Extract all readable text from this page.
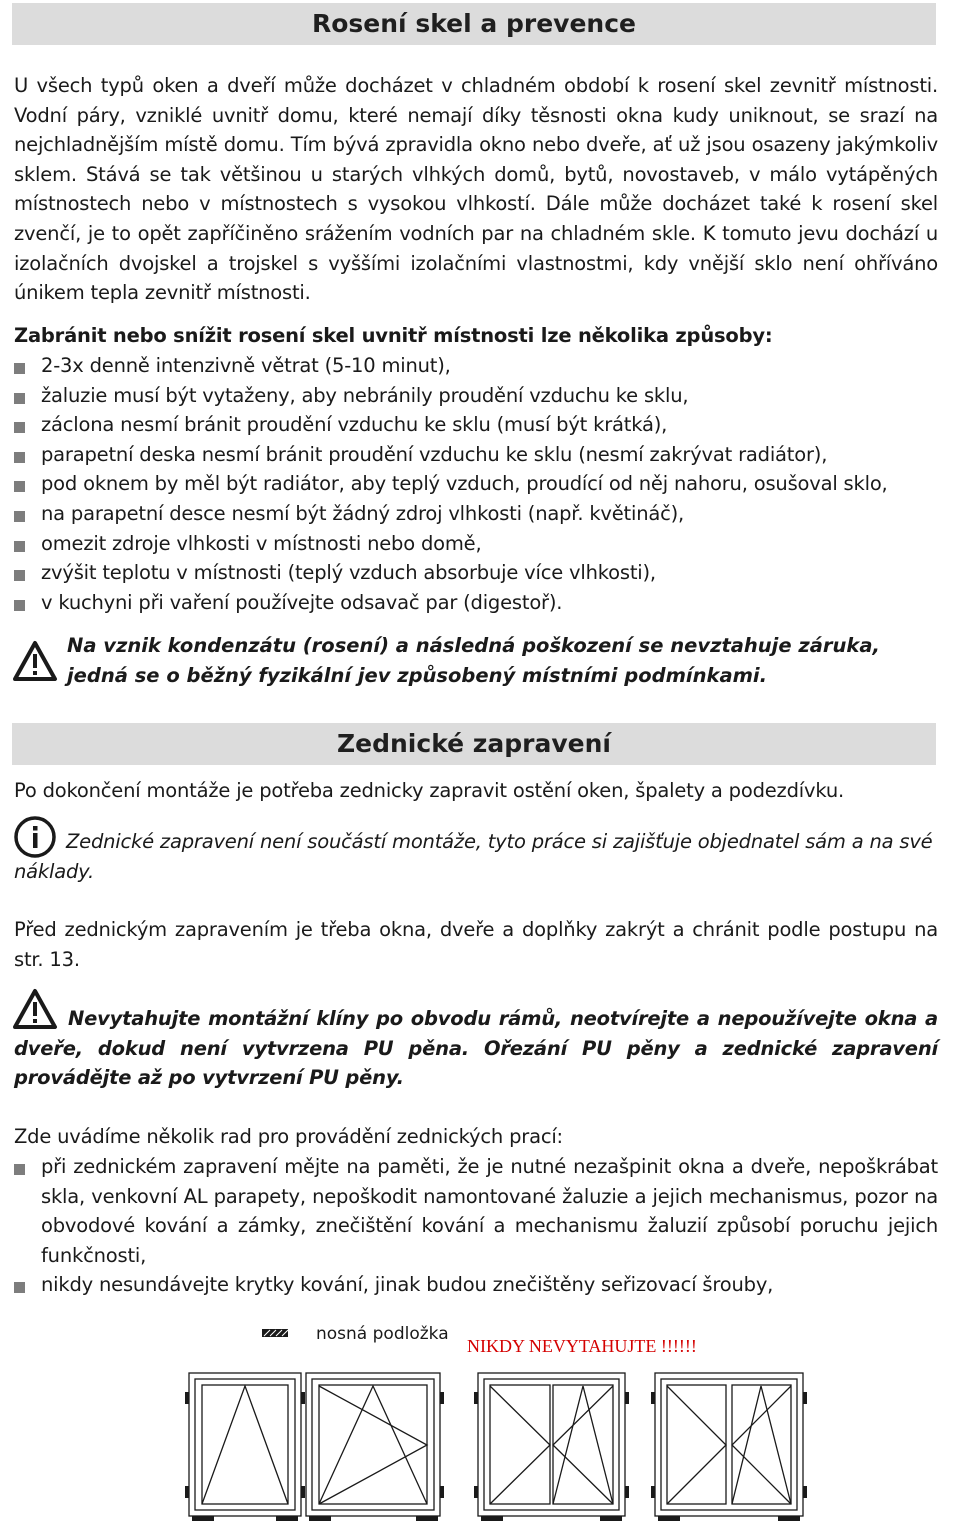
Rosení skel a prevence

U všech typů oken a dveří může docházet v chladném období k rosení skel zevnitř místnosti. Vodní páry, vzniklé uvnitř domu, které nemají díky těsnosti okna kudy uniknout, se srazí na nejchladnějším místě domu. Tím bývá zpravidla okno nebo dveře, ať už jsou osazeny jakýmkoliv sklem. Stává se tak většinou u starých vlhkých domů, bytů, novostaveb, v málo vytápěných místnostech nebo v místnostech s vysokou vlhkostí. Dále může docházet také k rosení skel zvenčí, je to opět zapříčiněno srážením vodních par na chladném skle. K tomuto jevu dochází u izolačních dvojskel a trojskel s vyššími izolačními vlastnostmi, kdy vnější sklo není ohříváno únikem tepla zevnitř místnosti.

Zabránit nebo snížit rosení skel uvnitř místnosti lze několika způsoby:

2-3x denně intenzivně větrat (5-10 minut),
žaluzie musí být vytaženy, aby nebránily proudění vzduchu ke sklu,
záclona nesmí bránit proudění vzduchu ke sklu (musí být krátká),
parapetní deska nesmí bránit proudění vzduchu ke sklu (nesmí zakrývat radiátor),
pod oknem by měl být radiátor, aby teplý vzduch, proudící od něj nahoru, osušoval sklo,
na parapetní desce nesmí být žádný zdroj vlhkosti (např. květináč),
omezit zdroje vlhkosti v místnosti nebo domě,
zvýšit teplotu v místnosti (teplý vzduch absorbuje více vlhkosti),
v kuchyni při vaření používejte odsavač par (digestoř).

Na vznik kondenzátu (rosení) a následná poškození se nevztahuje záruka,

jedná se o běžný fyzikální jev způsobený místními podmínkami.

Zednické zapravení

Po dokončení montáže je potřeba zednicky zapravit ostění oken, špalety a podezdívku.

Zednické zapravení není součástí montáže, tyto práce si zajišťuje objednatel sám a na své náklady.

Před zednickým zapravením je třeba okna, dveře a doplňky zakrýt a chránit podle postupu na str. 13.

Nevytahujte montážní klíny po obvodu rámů, neotvírejte a nepoužívejte okna a dveře, dokud není vytvrzena PU pěna. Ořezání PU pěny a zednické zapravení provádějte až po vytvrzení PU pěny.

Zde uvádíme několik rad pro provádění zednických prací:

při zednickém zapravení mějte na paměti, že je nutné nezašpinit okna a dveře, nepoškrábat skla, venkovní AL parapety, nepoškodit namontované žaluzie a jejich mechanismus, pozor na obvodové kování a zámky, znečištění kování a mechanismu žaluzií způsobí poruchu jejich funkčnosti,
nikdy nesundávejte krytky kování, jinak budou znečištěny seřizovací šrouby,
nosná podložka
NIKDY NEVYTAHUJTE !!!!!!
